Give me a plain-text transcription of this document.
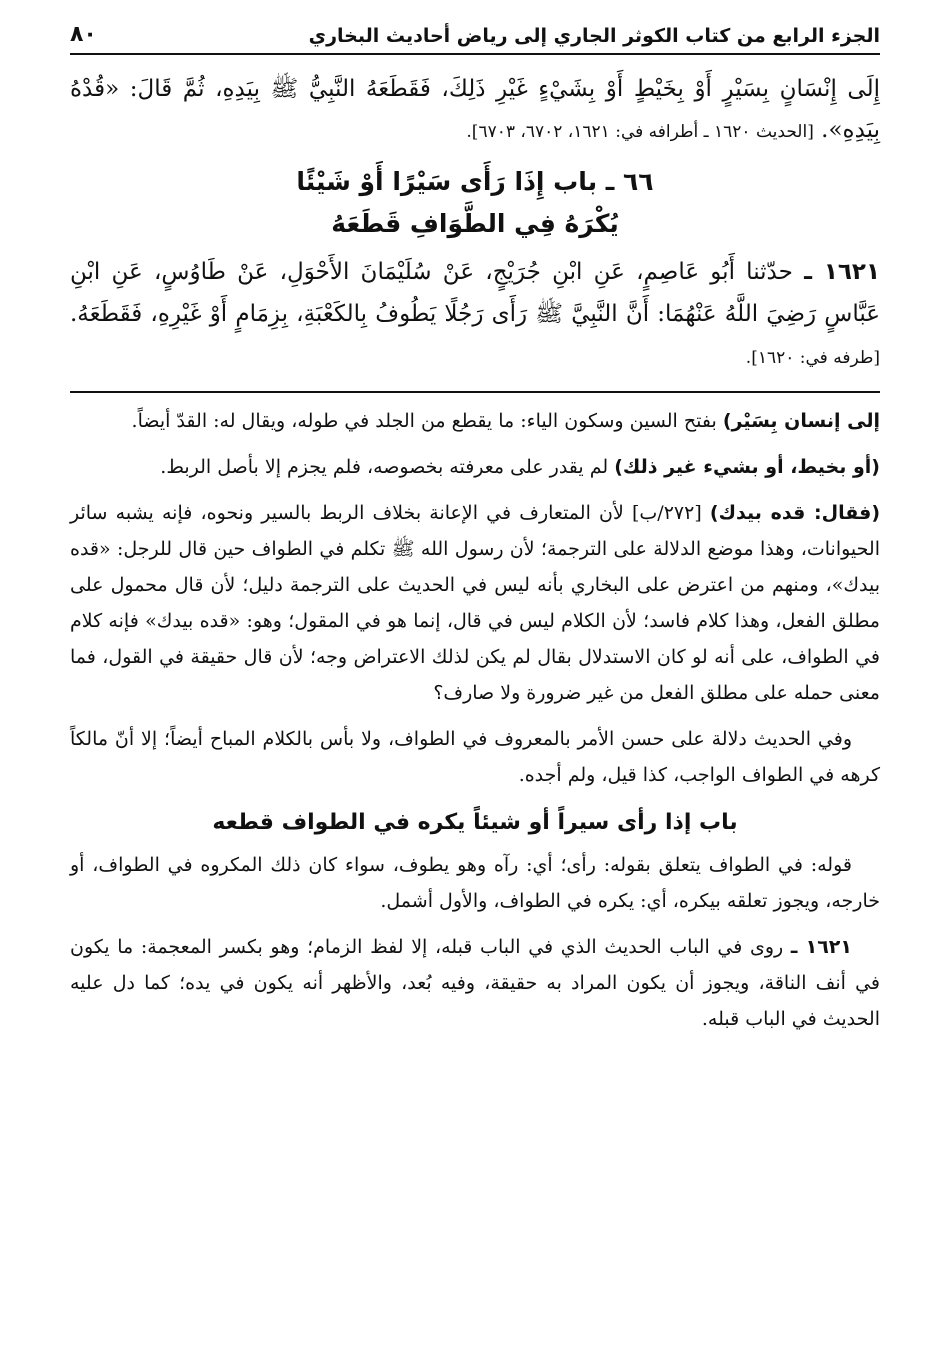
الجزء الرابع من كتاب الكوثر الجاري إلى رياض أحاديث البخاري
٨٠
إِلَى إِنْسَانٍ بِسَيْرٍ أَوْ بِخَيْطٍ أَوْ بِشَيْءٍ غَيْرِ ذَلِكَ، فَقَطَعَهُ النَّبِيُّ ﷺ بِيَدِهِ، ثُمَّ قَالَ: «قُدْهُ بِيَدِهِ». [الحديث ١٦٢٠ ـ أطرافه في: ١٦٢١، ٦٧٠٢، ٦٧٠٣].
٦٦ ـ باب إِذَا رَأَى سَيْرًا أَوْ شَيْئًا
يُكْرَهُ فِي الطَّوَافِ قَطَعَهُ
١٦٢١ ـ حدّثنا أَبُو عَاصِمٍ، عَنِ ابْنِ جُرَيْجٍ، عَنْ سُلَيْمَانَ الأَحْوَلِ، عَنْ طَاوُسٍ، عَنِ ابْنِ عَبَّاسٍ رَضِيَ اللَّهُ عَنْهُمَا: أَنَّ النَّبِيَّ ﷺ رَأَى رَجُلًا يَطُوفُ بِالكَعْبَةِ، بِزِمَامٍ أَوْ غَيْرِهِ، فَقَطَعَهُ. [طرفه في: ١٦٢٠].

إلى إنسان بِسَيْر) بفتح السين وسكون الياء: ما يقطع من الجلد في طوله، ويقال له: القدّ أيضاً.

(أو بخيط، أو بشيء غير ذلك) لم يقدر على معرفته بخصوصه، فلم يجزم إلا بأصل الربط.

(فقال: قده بيدك) [٢٧٢/ب] لأن المتعارف في الإعانة بخلاف الربط بالسير ونحوه، فإنه يشبه سائر الحيوانات، وهذا موضع الدلالة على الترجمة؛ لأن رسول الله ﷺ تكلم في الطواف حين قال للرجل: «قده بيدك»، ومنهم من اعترض على البخاري بأنه ليس في الحديث على الترجمة دليل؛ لأن قال محمول على مطلق الفعل، وهذا كلام فاسد؛ لأن الكلام ليس في قال، إنما هو في المقول؛ وهو: «قده بيدك» فإنه كلام في الطواف، على أنه لو كان الاستدلال بقال لم يكن لذلك الاعتراض وجه؛ لأن قال حقيقة في القول، فما معنى حمله على مطلق الفعل من غير ضرورة ولا صارف؟

وفي الحديث دلالة على حسن الأمر بالمعروف في الطواف، ولا بأس بالكلام المباح أيضاً؛ إلا أنّ مالكاً كرهه في الطواف الواجب، كذا قيل، ولم أجده.

باب إذا رأى سيراً أو شيئاً يكره في الطواف قطعه

قوله: في الطواف يتعلق بقوله: رأى؛ أي: رآه وهو يطوف، سواء كان ذلك المكروه في الطواف، أو خارجه، ويجوز تعلقه بيكره، أي: يكره في الطواف، والأول أشمل.

١٦٢١ ـ روى في الباب الحديث الذي في الباب قبله، إلا لفظ الزمام؛ وهو بكسر المعجمة: ما يكون في أنف الناقة، ويجوز أن يكون المراد به حقيقة، وفيه بُعد، والأظهر أنه يكون في يده؛ كما دل عليه الحديث في الباب قبله.
